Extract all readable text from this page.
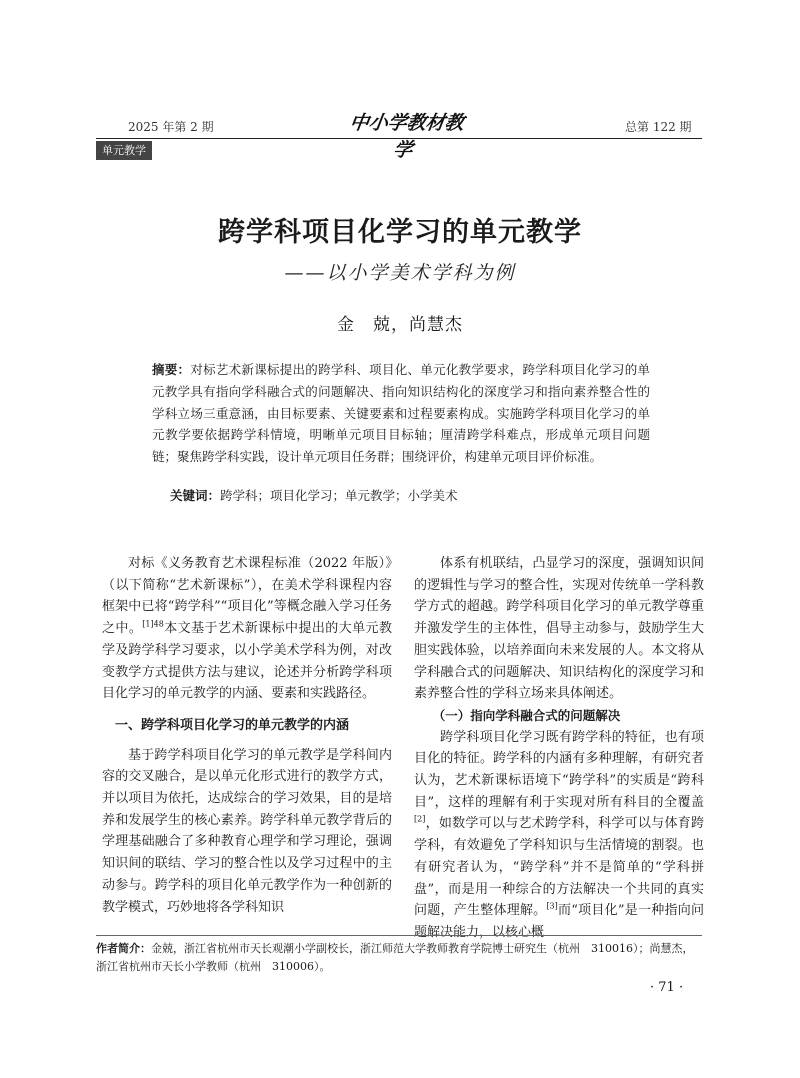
2025 年第 2 期	中小学教材教学
总第 122 期
单元教学
跨学科项目化学习的单元教学
——以小学美术学科为例
金　兢，尚慧杰
摘要：对标艺术新课标提出的跨学科、项目化、单元化教学要求，跨学科项目化学习的单元教学具有指向学科融合式的问题解决、指向知识结构化的深度学习和指向素养整合性的学科立场三重意涵，由目标要素、关键要素和过程要素构成。实施跨学科项目化学习的单元教学要依据跨学科情境，明晰单元项目目标轴；厘清跨学科难点，形成单元项目问题链；聚焦跨学科实践，设计单元项目任务群；围绕评价，构建单元项目评价标准。
关键词：跨学科；项目化学习；单元教学；小学美术

对标《义务教育艺术课程标准（2022 年版）》（以下简称“艺术新课标”），在美术学科课程内容框架中已将“跨学科”“项目化”等概念融入学习任务之中。$^{[1]48}$本文基于艺术新课标中提出的大单元教学及跨学科学习要求，以小学美术学科为例，对改变教学方式提供方法与建议，论述并分析跨学科项目化学习的单元教学的内涵、要素和实践路径。

一、跨学科项目化学习的单元教学的内涵

基于跨学科项目化学习的单元教学是学科间内容的交叉融合，是以单元化形式进行的教学方式，并以项目为依托，达成综合的学习效果，目的是培养和发展学生的核心素养。跨学科单元教学背后的学理基础融合了多种教育心理学和学习理论，强调知识间的联结、学习的整合性以及学习过程中的主动参与。跨学科的项目化单元教学作为一种创新的教学模式，巧妙地将各学科知识

体系有机联结，凸显学习的深度，强调知识间的逻辑性与学习的整合性，实现对传统单一学科教学方式的超越。跨学科项目化学习的单元教学尊重并激发学生的主体性，倡导主动参与，鼓励学生大胆实践体验，以培养面向未来发展的人。本文将从学科融合式的问题解决、知识结构化的深度学习和素养整合性的学科立场来具体阐述。

（一）指向学科融合式的问题解决

跨学科项目化学习既有跨学科的特征，也有项目化的特征。跨学科的内涵有多种理解，有研究者认为，艺术新课标语境下“跨学科”的实质是“跨科目”，这样的理解有利于实现对所有科目的全覆盖[2]，如数学可以与艺术跨学科，科学可以与体育跨学科，有效避免了学科知识与生活情境的割裂。也有研究者认为，“跨学科”并不是简单的“学科拼盘”，而是用一种综合的方法解决一个共同的真实问题，产生整体理解。[3]而“项目化”是一种指向问题解决能力，以核心概

作者简介：金兢，浙江省杭州市天长观潮小学副校长，浙江师范大学教师教育学院博士研究生（杭州　310016）；尚慧杰，浙江省杭州市天长小学教师（杭州　310006）。
· 71 ·
